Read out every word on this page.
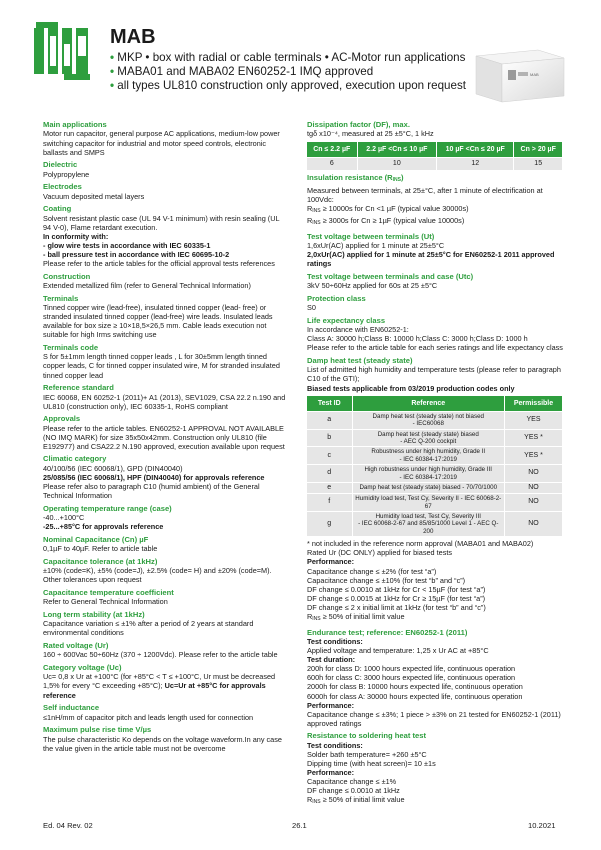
MAB
• MKP • box with radial or cable terminals • AC-Motor run applications
• MABA01 and MABA02 EN60252-1 IMQ approved
• all types UL810 construction only approved, execution upon request
MAB
Main applications
Motor run capacitor, general purpose AC applications, medium-low power switching capacitor for industrial and motor speed controls, electronic ballasts and SMPS
Dielectric
Polypropylene
Electrodes
Vacuum deposited metal layers
Coating
Solvent resistant plastic case (UL 94 V-1 minimum) with resin sealing (UL 94 V-0), Flame retardant execution.
In conformity with:
- glow wire tests in accordance with IEC 60335-1
- ball pressure test in accordance with IEC 60695-10-2
Please refer to the article tables for the official approval tests references
Construction
Extended metallized film (refer to General Technical Information)
Terminals
Tinned copper wire (lead-free), insulated tinned copper (lead- free) or stranded insulated tinned copper (lead-free) wire leads. Insulated leads available for box size ≥ 10×18,5×26,5 mm. Cable leads execution not suitable for high Irms switching use
Terminals code
S for 5±1mm length tinned copper leads , L for 30±5mm length tinned copper leads, C for tinned copper insulated wire, M for stranded insulated tinned copper lead
Reference standard
IEC 60068, EN 60252-1 (2011)+ A1 (2013), SEV1029, CSA 22.2 n.190 and UL810 (construction only), IEC 60335-1, RoHS compliant
Approvals
Please refer to the article tables. EN60252-1 APPROVAL NOT AVAILABLE (NO IMQ MARK) for size 35x50x42mm. Construction only UL810 (file E192977) and CSA22.2 N.190 approved, execution available upon request
Climatic category
40/100/56 (IEC 60068/1), GPD (DIN40040)
25/085/56 (IEC 60068/1), HPF (DIN40040) for approvals reference
Please refer also to paragraph C10 (humid ambient) of the General Technical Information
Operating temperature range (case)
-40...+100°C
-25...+85°C for approvals reference
Nominal Capacitance (Cn) µF
0,1µF to 40µF. Refer to article table
Capacitance tolerance (at 1kHz)
±10% (code=K), ±5% (code=J), ±2.5% (code= H) and ±20% (code=M). Other tolerances upon request
Capacitance temperature coefficient
Refer to General Technical Information
Long term stability (at 1kHz)
Capacitance variation ≤ ±1% after a period of 2 years at standard environmental conditions
Rated voltage (Ur)
160 ÷ 600Vac 50÷60Hz (370 ÷ 1200Vdc). Please refer to the article table
Category voltage (Uc)
Uc= 0,8 x Ur at +100°C (for +85°C < T ≤ +100°C, Ur must be decreased 1,5% for every °C exceeding +85°C); Uc=Ur at +85°C for approvals reference
Self inductance
≤1nH/mm of capacitor pitch and leads length used for connection
Maximum pulse rise time V/µs
The pulse characteristic Ko depends on the voltage waveform.In any case the value given in the article table must not be overcome
Dissipation factor (DF), max.
tgδ x10⁻⁴, measured at 25 ±5°C, 1 kHz
Cn ≤ 2.2 µF	2.2 µF <Cn ≤ 10 µF	10 µF <Cn ≤ 20 µF	Cn > 20 µF
6	10	12	15
Insulation resistance $(R_{INS})$
Measured between terminals, at 25±°C, after 1 minute of electrification at 100Vdc:
$R_{INS} \ge 10000s$ for Cn <1 µF (typical value 30000s)
$R_{INS} \ge 3000s$ for Cn ≥ 1µF (typical value 10000s)
Test voltage between terminals (Ut)
1,6xUr(AC) applied for 1 minute at 25±5°C
2,0xUr(AC) applied for 1 minute at 25±5°C for EN60252-1 2011 approved ratings
Test voltage between terminals and case (Utc)
3kV 50÷60Hz applied for 60s at 25 ±5°C
Protection class
S0
Life expectancy class
In accordance with EN60252-1:
Class A: 30000 h;Class B: 10000 h;Class C: 3000 h;Class D: 1000 h
Please refer to the article table for each series ratings and life expectancy class
Damp heat test (steady state)
List of admitted high humidity and temperature tests (please refer to paragraph C10 of the GTI);
Biased tests applicable from 03/2019 production codes only
Test ID	Reference	Permissible
a	Damp heat test (steady state) not biased
- IEC60068	YES
b	Damp heat test (steady state) biased
- AEC Q-200 cockpit	YES *
c	Robustness under high humidity, Grade II
- IEC 60384-17:2019	YES *
d	High robustness under high humidity, Grade III
- IEC 60384-17:2019	NO
e	Damp heat test (steady state) biased - 70/70/1000	NO
f	Humidity load test, Test Cy, Severity II - IEC 60068-2-67	NO
g	Humidity load test, Test Cy, Severity III
- IEC 60068-2-67 and 85/85/1000 Level 1 - AEC Q-200	NO
* not included in the reference norm approval (MABA01 and MABA02)
Rated Ur (DC ONLY) applied for biased tests
Performance:
Capacitance change ≤ ±2% (for test “a”)
Capacitance change ≤ ±10% (for test “b” and “c”)
DF change ≤ 0.0010 at 1kHz for Cr < 15µF (for test “a”)
DF change ≤ 0.0015 at 1kHz for Cr ≥ 15µF (for test “a”)
DF change ≤ 2 x initial limit at 1kHz (for test “b” and “c”)
$R_{INS} \ge 50\%$ of initial limit value
Endurance test; reference: EN60252-1 (2011)
Test conditions:
Applied voltage and temperature: 1,25 x Ur AC at +85°C
Test duration:
200h for class D: 1000 hours expected life, continuous operation
600h for class C: 3000 hours expected life, continuous operation
2000h for class B: 10000 hours expected life, continuous operation
6000h for class A: 30000 hours expected life, continuous operation
Performance:
Capacitance change ≤ ±3%; 1 piece > ±3% on 21 tested for EN60252-1 (2011) approved ratings
Resistance to soldering heat test
Test conditions:
Solder bath temperature= +260 ±5°C
Dipping time (with heat screen)= 10 ±1s
Performance:
Capacitance change ≤ ±1%
DF change ≤ 0.0010 at 1kHz
$R_{INS} \ge 50\%$ of initial limit value
Ed. 04 Rev. 02	26.1	10.2021
